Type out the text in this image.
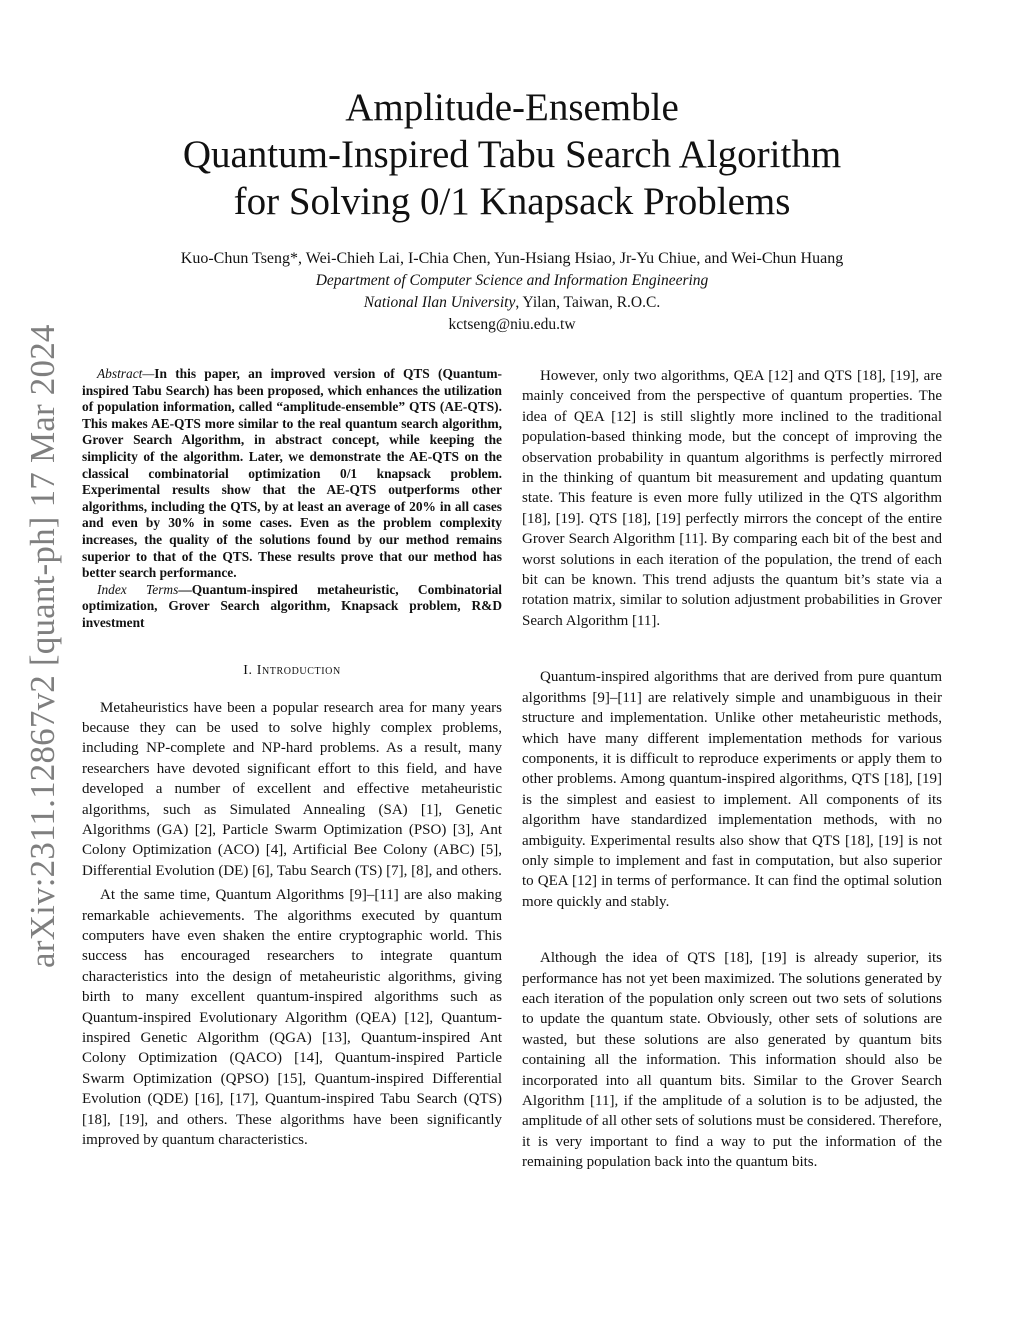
arXiv:2311.12867v2 [quant-ph] 17 Mar 2024
Amplitude-Ensemble
Quantum-Inspired Tabu Search Algorithm
for Solving 0/1 Knapsack Problems
Kuo-Chun Tseng*, Wei-Chieh Lai, I-Chia Chen, Yun-Hsiang Hsiao, Jr-Yu Chiue, and Wei-Chun Huang
Department of Computer Science and Information Engineering
National Ilan University, Yilan, Taiwan, R.O.C.
kctseng@niu.edu.tw

Abstract—In this paper, an improved version of QTS (Quantum-inspired Tabu Search) has been proposed, which enhances the utilization of population information, called “amplitude-ensemble” QTS (AE-QTS). This makes AE-QTS more similar to the real quantum search algorithm, Grover Search Algorithm, in abstract concept, while keeping the simplicity of the algorithm. Later, we demonstrate the AE-QTS on the classical combinatorial optimization 0/1 knapsack problem. Experimental results show that the AE-QTS outperforms other algorithms, including the QTS, by at least an average of 20% in all cases and even by 30% in some cases. Even as the problem complexity increases, the quality of the solutions found by our method remains superior to that of the QTS. These results prove that our method has better search performance.

Index Terms—Quantum-inspired metaheuristic, Combinatorial optimization, Grover Search algorithm, Knapsack problem, R&D investment

I. Introduction

Metaheuristics have been a popular research area for many years because they can be used to solve highly complex problems, including NP-complete and NP-hard problems. As a result, many researchers have devoted significant effort to this field, and have developed a number of excellent and effective metaheuristic algorithms, such as Simulated Annealing (SA) [1], Genetic Algorithms (GA) [2], Particle Swarm Optimization (PSO) [3], Ant Colony Optimization (ACO) [4], Artificial Bee Colony (ABC) [5], Differential Evolution (DE) [6], Tabu Search (TS) [7], [8], and others.

At the same time, Quantum Algorithms [9]–[11] are also making remarkable achievements. The algorithms executed by quantum computers have even shaken the entire cryptographic world. This success has encouraged researchers to integrate quantum characteristics into the design of metaheuristic algorithms, giving birth to many excellent quantum-inspired algorithms such as Quantum-inspired Evolutionary Algorithm (QEA) [12], Quantum-inspired Genetic Algorithm (QGA) [13], Quantum-inspired Ant Colony Optimization (QACO) [14], Quantum-inspired Particle Swarm Optimization (QPSO) [15], Quantum-inspired Differential Evolution (QDE) [16], [17], Quantum-inspired Tabu Search (QTS) [18], [19], and others. These algorithms have been significantly improved by quantum characteristics.

However, only two algorithms, QEA [12] and QTS [18], [19], are mainly conceived from the perspective of quantum properties. The idea of QEA [12] is still slightly more inclined to the traditional population-based thinking mode, but the concept of improving the observation probability in quantum algorithms is perfectly mirrored in the thinking of quantum bit measurement and updating quantum state. This feature is even more fully utilized in the QTS algorithm [18], [19]. QTS [18], [19] perfectly mirrors the concept of the entire Grover Search Algorithm [11]. By comparing each bit of the best and worst solutions in each iteration of the population, the trend of each bit can be known. This trend adjusts the quantum bit’s state via a rotation matrix, similar to solution adjustment probabilities in Grover Search Algorithm [11].

Quantum-inspired algorithms that are derived from pure quantum algorithms [9]–[11] are relatively simple and unambiguous in their structure and implementation. Unlike other metaheuristic methods, which have many different implementation methods for various components, it is difficult to reproduce experiments or apply them to other problems. Among quantum-inspired algorithms, QTS [18], [19] is the simplest and easiest to implement. All components of its algorithm have standardized implementation methods, with no ambiguity. Experimental results also show that QTS [18], [19] is not only simple to implement and fast in computation, but also superior to QEA [12] in terms of performance. It can find the optimal solution more quickly and stably.

Although the idea of QTS [18], [19] is already superior, its performance has not yet been maximized. The solutions generated by each iteration of the population only screen out two sets of solutions to update the quantum state. Obviously, other sets of solutions are wasted, but these solutions are also generated by quantum bits containing all the information. This information should also be incorporated into all quantum bits. Similar to the Grover Search Algorithm [11], if the amplitude of a solution is to be adjusted, the amplitude of all other sets of solutions must be considered. Therefore, it is very important to find a way to put the information of the remaining population back into the quantum bits.
